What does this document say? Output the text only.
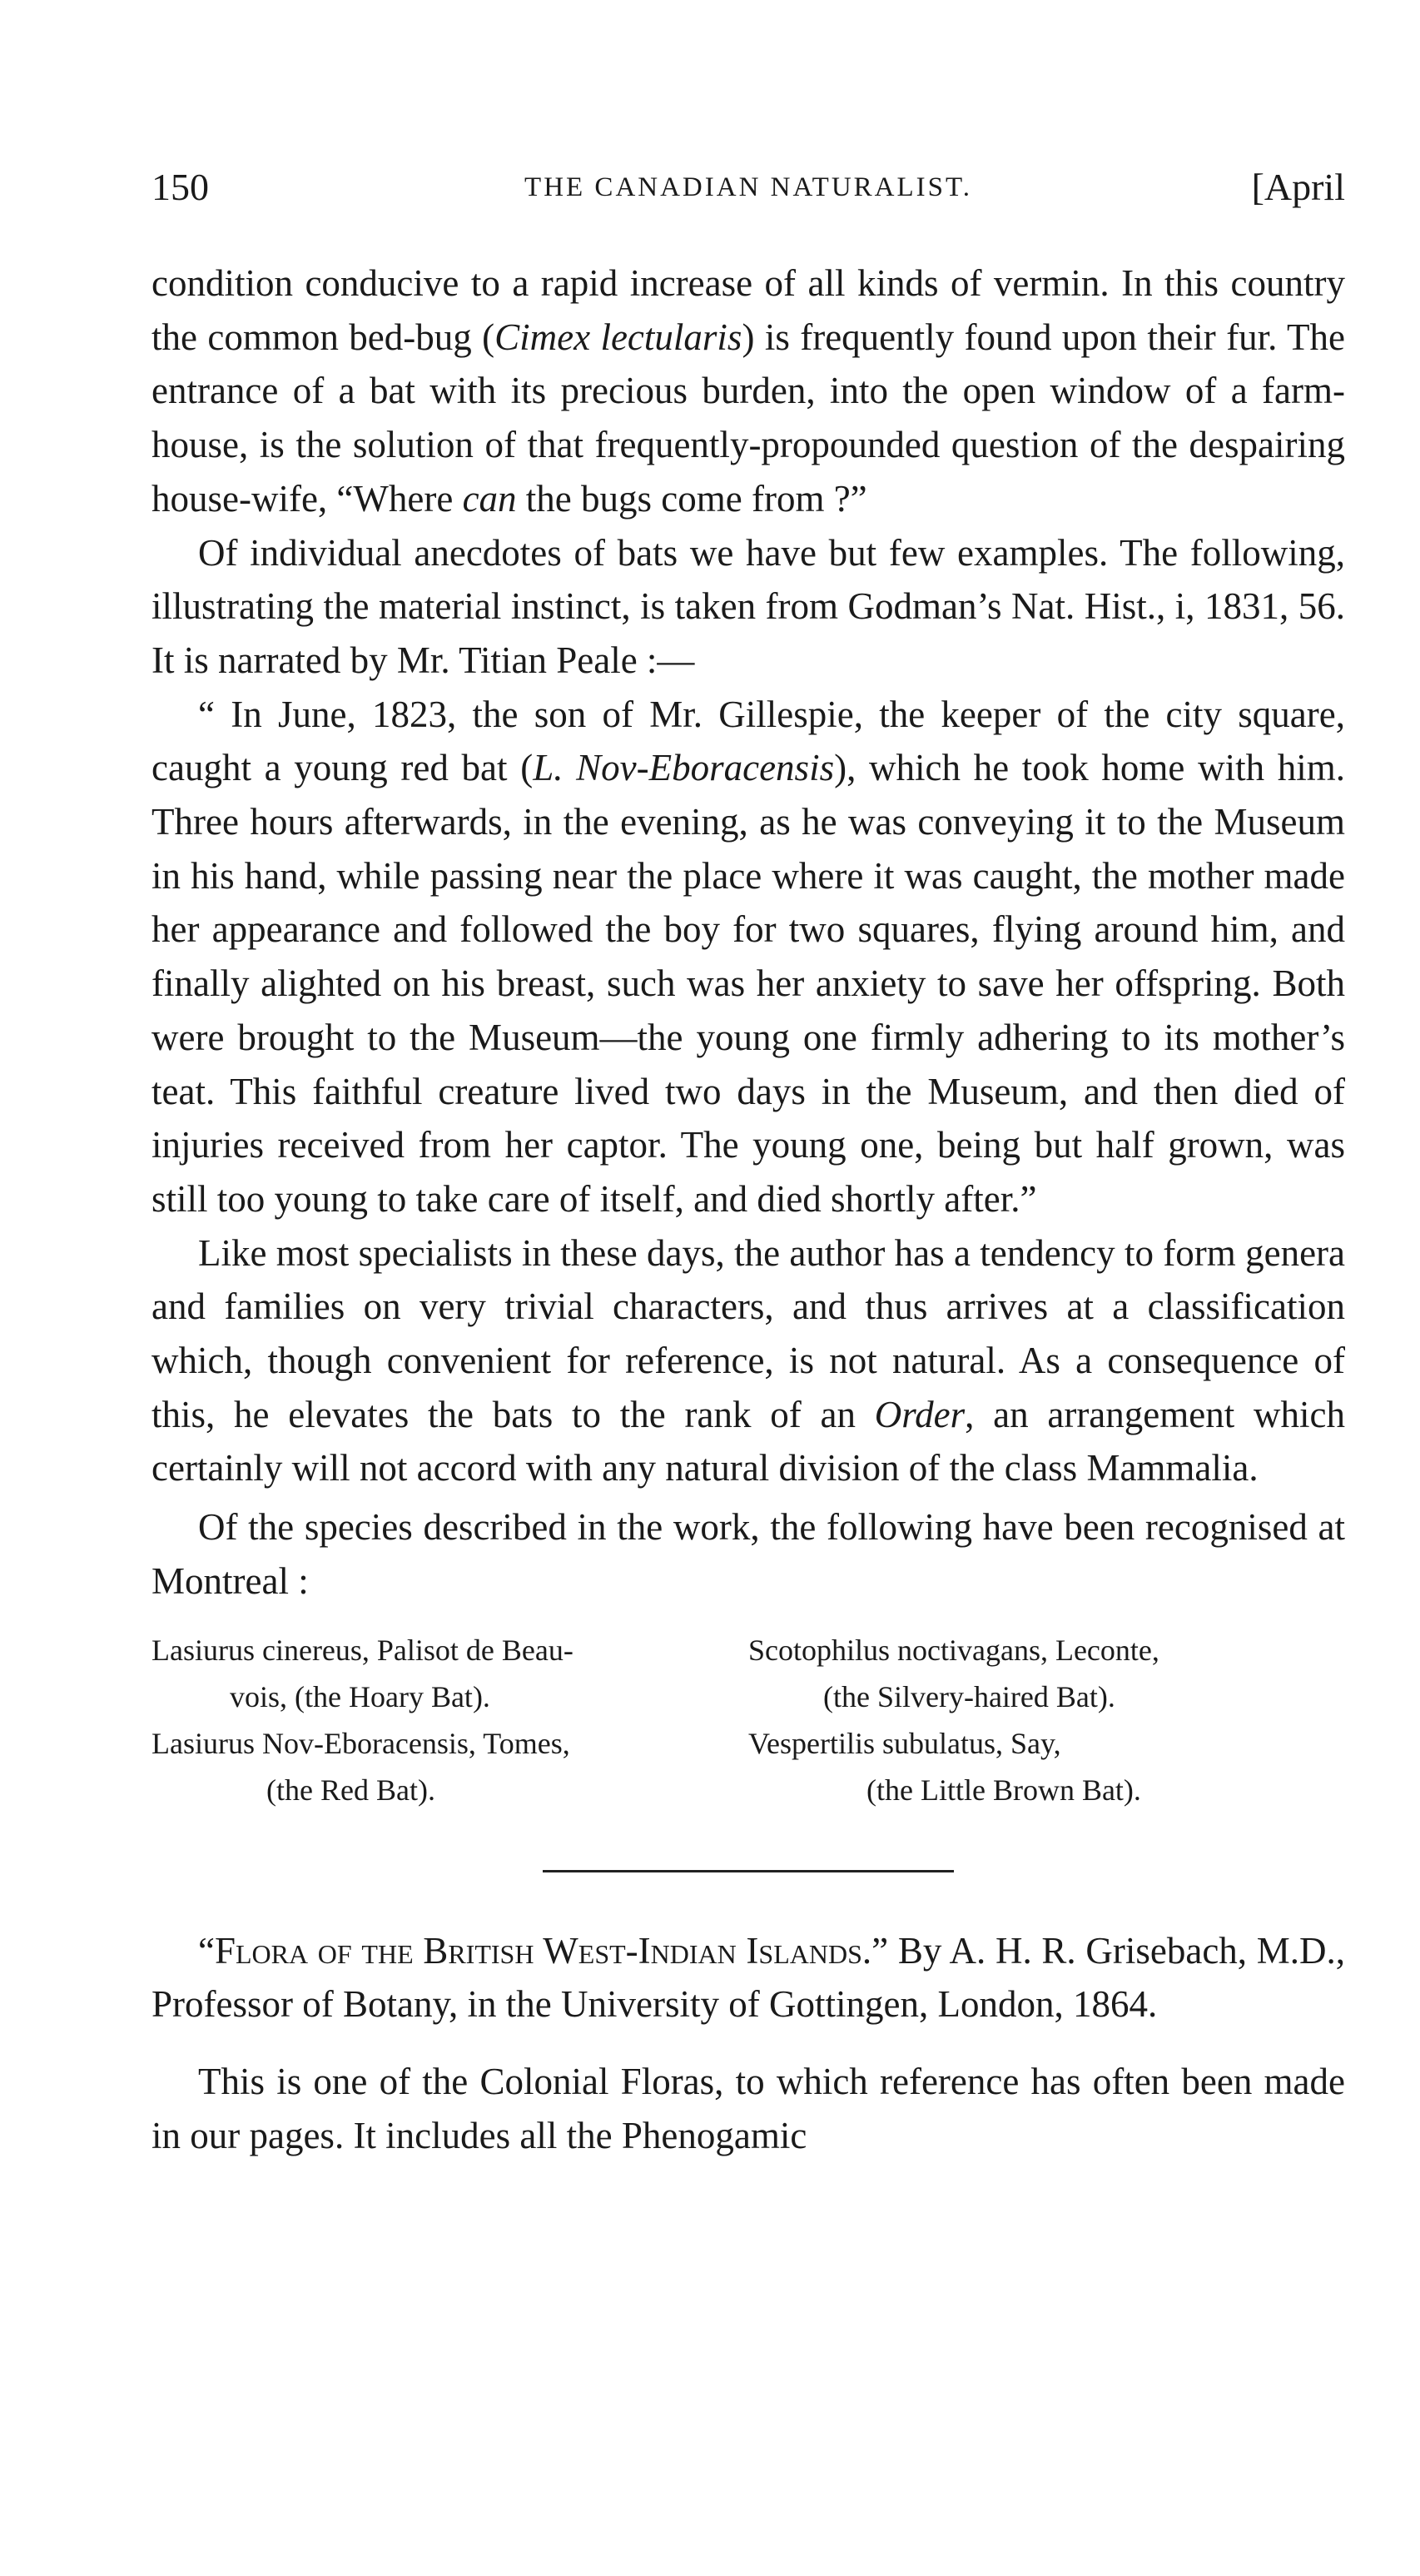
150	THE CANADIAN NATURALIST.	[April

condition conducive to a rapid increase of all kinds of vermin. In this country the common bed-bug (Cimex lectularis) is frequently found upon their fur. The entrance of a bat with its precious burden, into the open window of a farm-house, is the solution of that frequently-propounded question of the despairing house-wife, “Where can the bugs come from ?”

Of individual anecdotes of bats we have but few examples. The following, illustrating the material instinct, is taken from Godman’s Nat. Hist., i, 1831, 56. It is narrated by Mr. Titian Peale :—

“ In June, 1823, the son of Mr. Gillespie, the keeper of the city square, caught a young red bat (L. Nov-Eboracensis), which he took home with him. Three hours afterwards, in the evening, as he was conveying it to the Museum in his hand, while passing near the place where it was caught, the mother made her appearance and followed the boy for two squares, flying around him, and finally alighted on his breast, such was her anxiety to save her offspring. Both were brought to the Museum—the young one firmly adhering to its mother’s teat. This faithful creature lived two days in the Museum, and then died of injuries received from her captor. The young one, being but half grown, was still too young to take care of itself, and died shortly after.”

Like most specialists in these days, the author has a tendency to form genera and families on very trivial characters, and thus arrives at a classification which, though convenient for reference, is not natural. As a consequence of this, he elevates the bats to the rank of an Order, an arrangement which certainly will not accord with any natural division of the class Mammalia.

Of the species described in the work, the following have been recognised at Montreal :

Lasiurus cinereus, Palisot de Beau-
vois, (the Hoary Bat).
Scotophilus noctivagans, Leconte,
(the Silvery-haired Bat).
Lasiurus Nov-Eboracensis, Tomes,
(the Red Bat).
Vespertilis subulatus, Say,
(the Little Brown Bat).

“Flora of the British West-Indian Islands.” By A. H. R. Grisebach, M.D., Professor of Botany, in the University of Gottingen, London, 1864.

This is one of the Colonial Floras, to which reference has often been made in our pages. It includes all the Phenogamic
